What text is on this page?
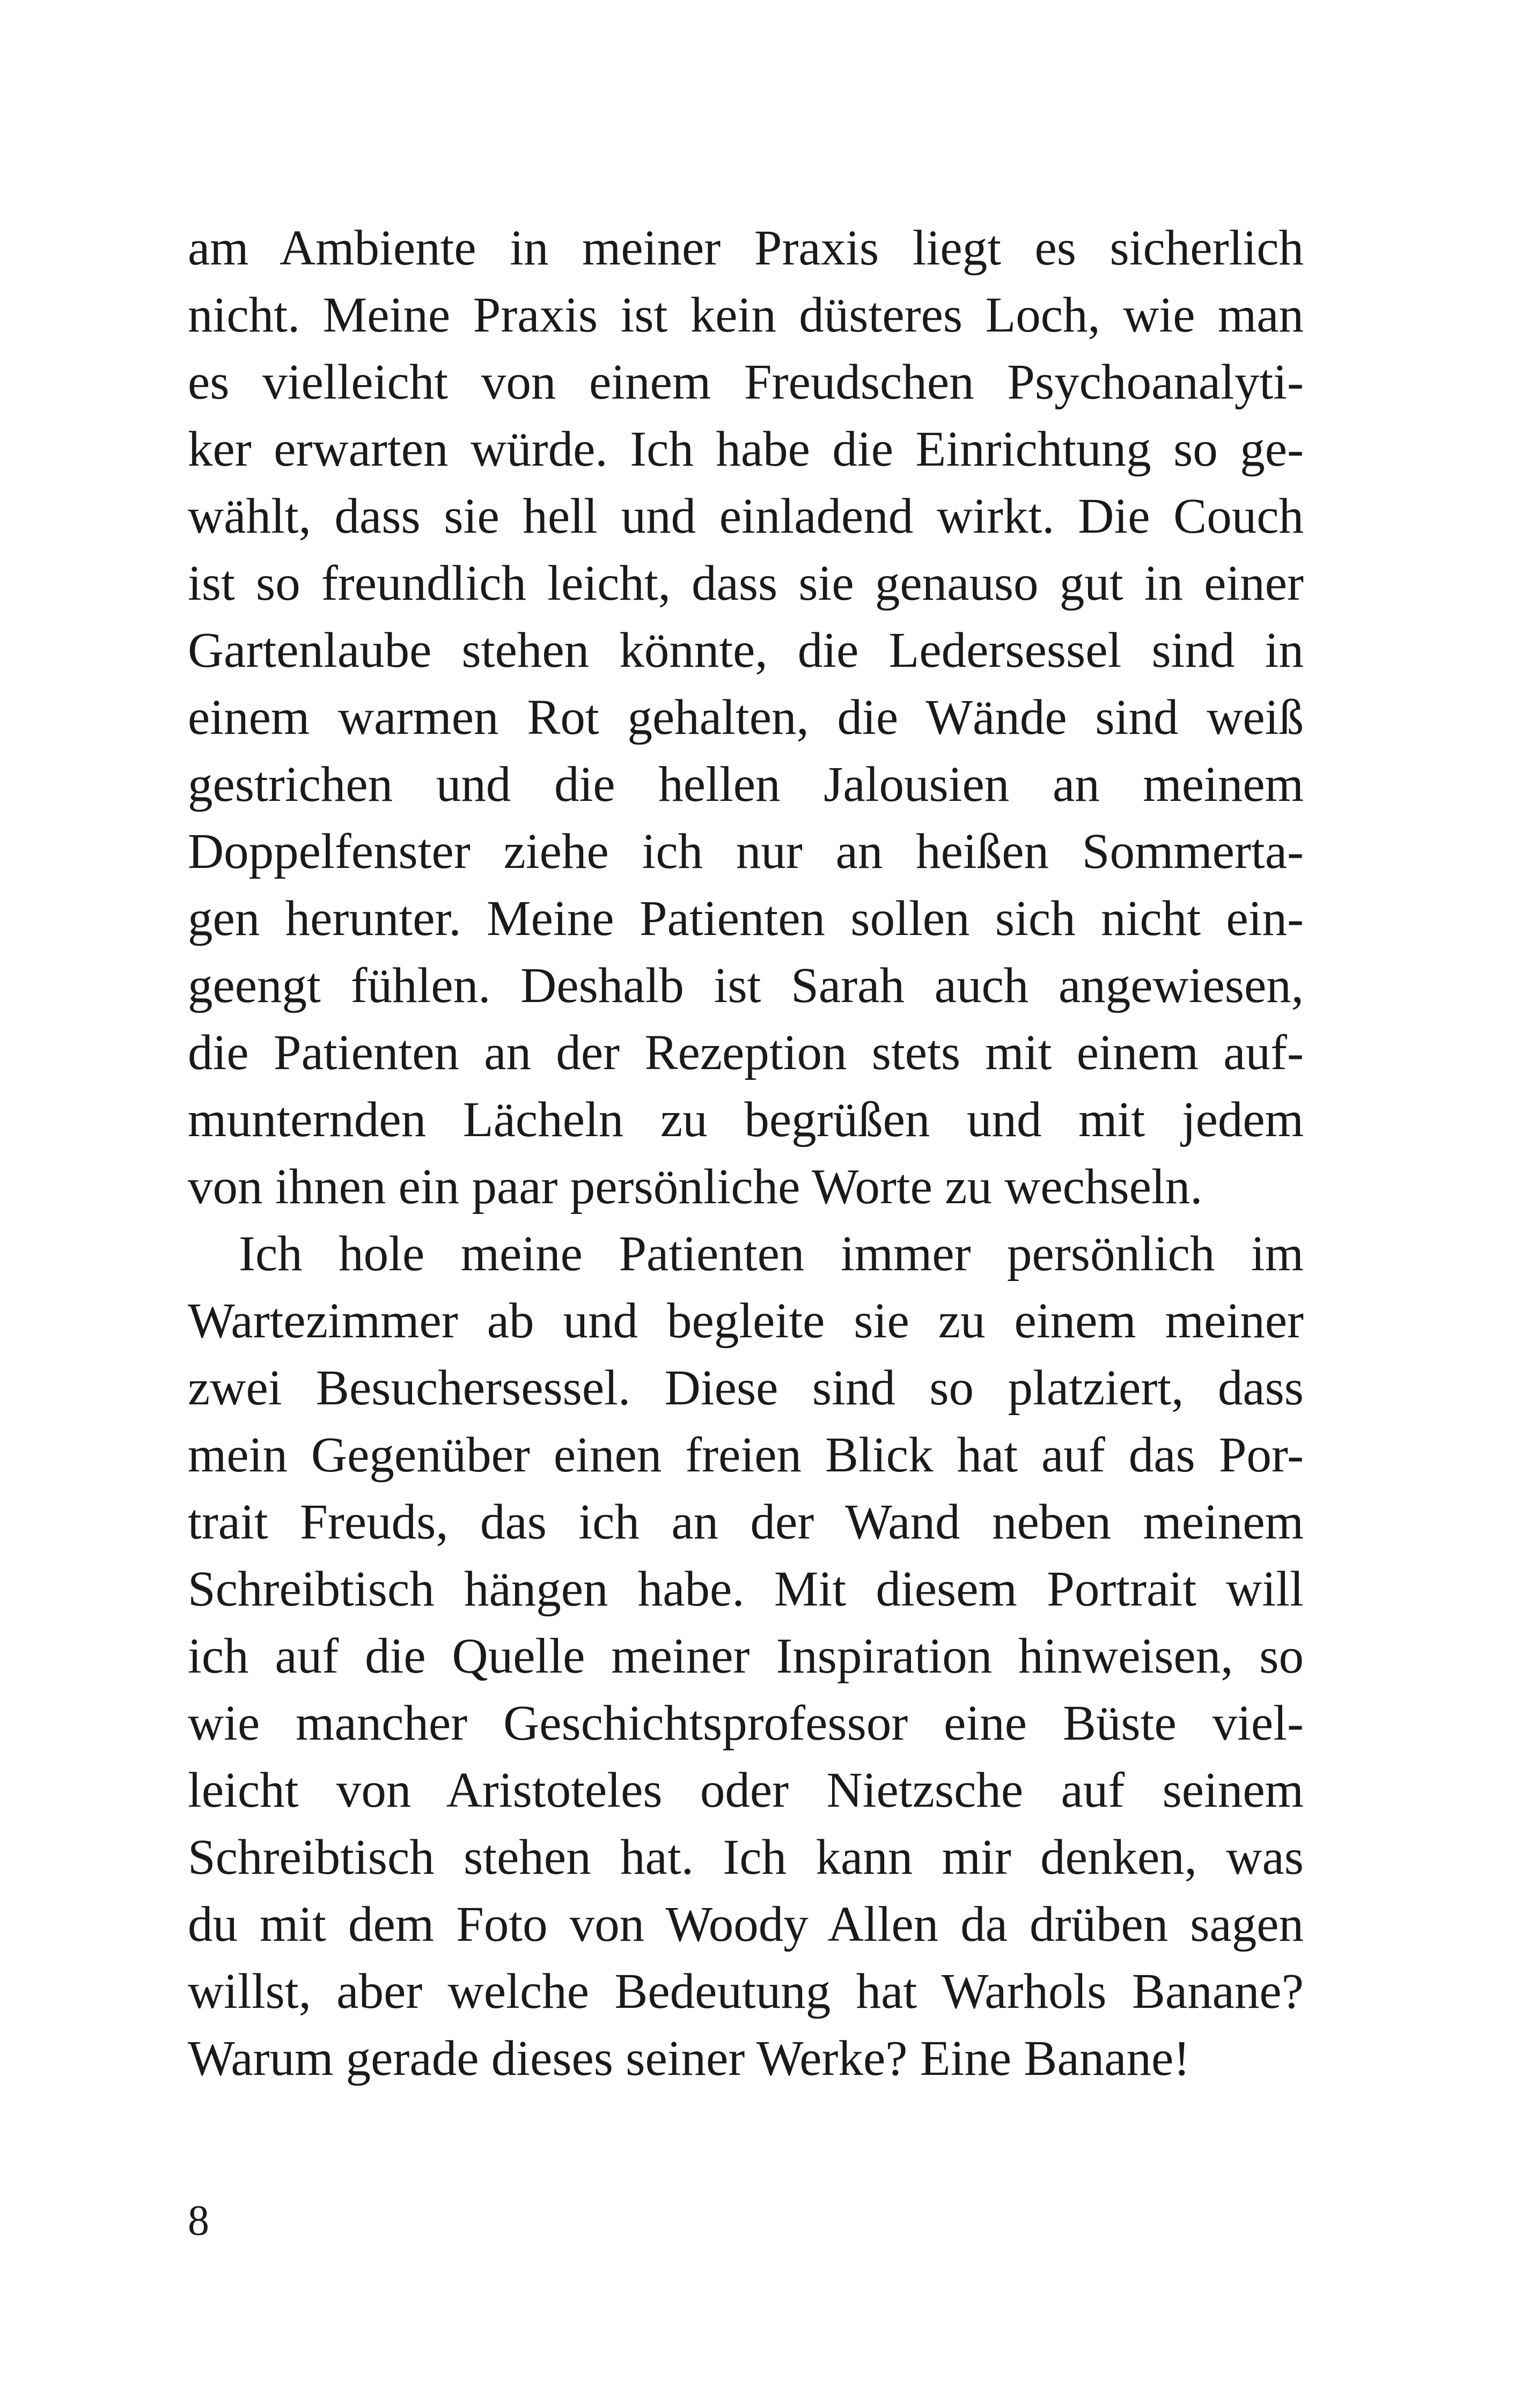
am Ambiente in meiner Praxis liegt es sicherlich
nicht. Meine Praxis ist kein düsteres Loch, wie man
es vielleicht von einem Freudschen Psychoanalyti-
ker erwarten würde. Ich habe die Einrichtung so ge-
wählt, dass sie hell und einladend wirkt. Die Couch
ist so freundlich leicht, dass sie genauso gut in einer
Gartenlaube stehen könnte, die Ledersessel sind in
einem warmen Rot gehalten, die Wände sind weiß
gestrichen und die hellen Jalousien an meinem
Doppelfenster ziehe ich nur an heißen Sommerta-
gen herunter. Meine Patienten sollen sich nicht ein-
geengt fühlen. Deshalb ist Sarah auch angewiesen,
die Patienten an der Rezeption stets mit einem auf-
munternden Lächeln zu begrüßen und mit jedem
von ihnen ein paar persönliche Worte zu wechseln.
Ich hole meine Patienten immer persönlich im
Wartezimmer ab und begleite sie zu einem meiner
zwei Besuchersessel. Diese sind so platziert, dass
mein Gegenüber einen freien Blick hat auf das Por-
trait Freuds, das ich an der Wand neben meinem
Schreibtisch hängen habe. Mit diesem Portrait will
ich auf die Quelle meiner Inspiration hinweisen, so
wie mancher Geschichtsprofessor eine Büste viel-
leicht von Aristoteles oder Nietzsche auf seinem
Schreibtisch stehen hat. Ich kann mir denken, was
du mit dem Foto von Woody Allen da drüben sagen
willst, aber welche Bedeutung hat Warhols Banane?
Warum gerade dieses seiner Werke? Eine Banane!
8
